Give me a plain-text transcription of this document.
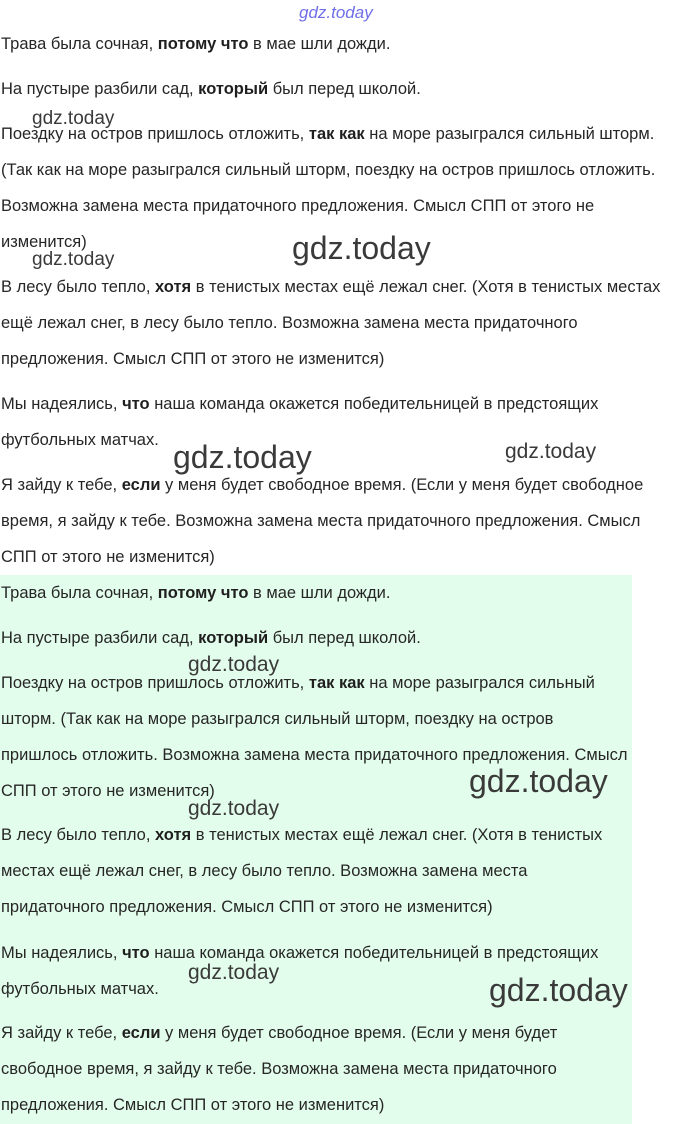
gdz.today

Трава была сочная, потому что в мае шли дожди.

На пустыре разбили сад, который был перед школой.

Поездку на остров пришлось отложить, так как на море разыгрался сильный шторм. (Так как на море разыгрался сильный шторм, поездку на остров пришлось отложить. Возможна замена места придаточного предложения. Смысл СПП от этого не изменится)

В лесу было тепло, хотя в тенистых местах ещё лежал снег. (Хотя в тенистых местах ещё лежал снег, в лесу было тепло. Возможна замена места придаточного предложения. Смысл СПП от этого не изменится)

Мы надеялись, что наша команда окажется победительницей в предстоящих футбольных матчах.

Я зайду к тебе, если у меня будет свободное время. (Если у меня будет свободное время, я зайду к тебе. Возможна замена места придаточного предложения. Смысл СПП от этого не изменится)

Трава была сочная, потому что в мае шли дожди.

На пустыре разбили сад, который был перед школой.

Поездку на остров пришлось отложить, так как на море разыгрался сильный шторм. (Так как на море разыгрался сильный шторм, поездку на остров пришлось отложить. Возможна замена места придаточного предложения. Смысл СПП от этого не изменится)

В лесу было тепло, хотя в тенистых местах ещё лежал снег. (Хотя в тенистых местах ещё лежал снег, в лесу было тепло. Возможна замена места придаточного предложения. Смысл СПП от этого не изменится)

Мы надеялись, что наша команда окажется победительницей в предстоящих футбольных матчах.

Я зайду к тебе, если у меня будет свободное время. (Если у меня будет свободное время, я зайду к тебе. Возможна замена места придаточного предложения. Смысл СПП от этого не изменится)

gdz.today
gdz.today
gdz.today
gdz.today	gdz.today
gdz.today
gdz.today
gdz.today
gdz.today	gdz.today
